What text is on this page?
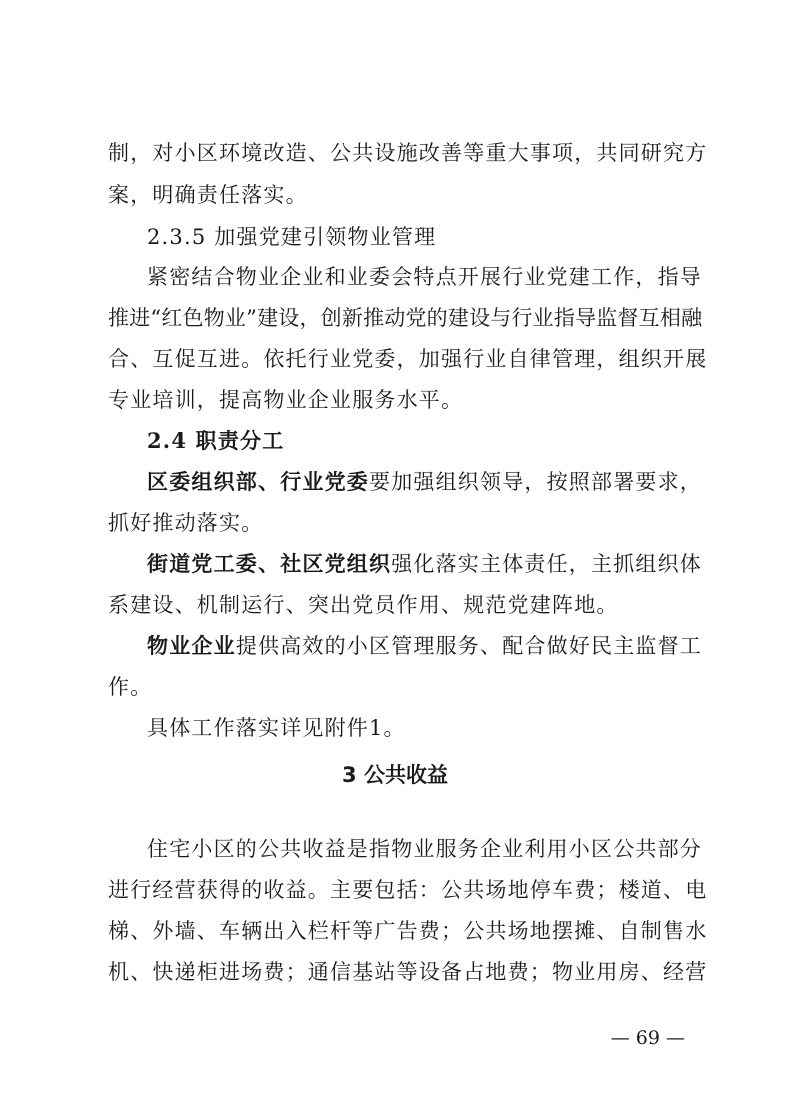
制，对小区环境改造、公共设施改善等重大事项，共同研究方
案，明确责任落实。
2.3.5 加强党建引领物业管理
紧密结合物业企业和业委会特点开展行业党建工作，指导
推进“红色物业”建设，创新推动党的建设与行业指导监督互相融
合、互促互进。依托行业党委，加强行业自律管理，组织开展
专业培训，提高物业企业服务水平。
2.4 职责分工
区委组织部、行业党委要加强组织领导，按照部署要求，
抓好推动落实。
街道党工委、社区党组织强化落实主体责任，主抓组织体
系建设、机制运行、突出党员作用、规范党建阵地。
物业企业提供高效的小区管理服务、配合做好民主监督工
作。
具体工作落实详见附件1。
3 公共收益
住宅小区的公共收益是指物业服务企业利用小区公共部分
进行经营获得的收益。主要包括：公共场地停车费；楼道、电
梯、外墙、车辆出入栏杆等广告费；公共场地摆摊、自制售水
机、快递柜进场费；通信基站等设备占地费；物业用房、经营
— 69 —
